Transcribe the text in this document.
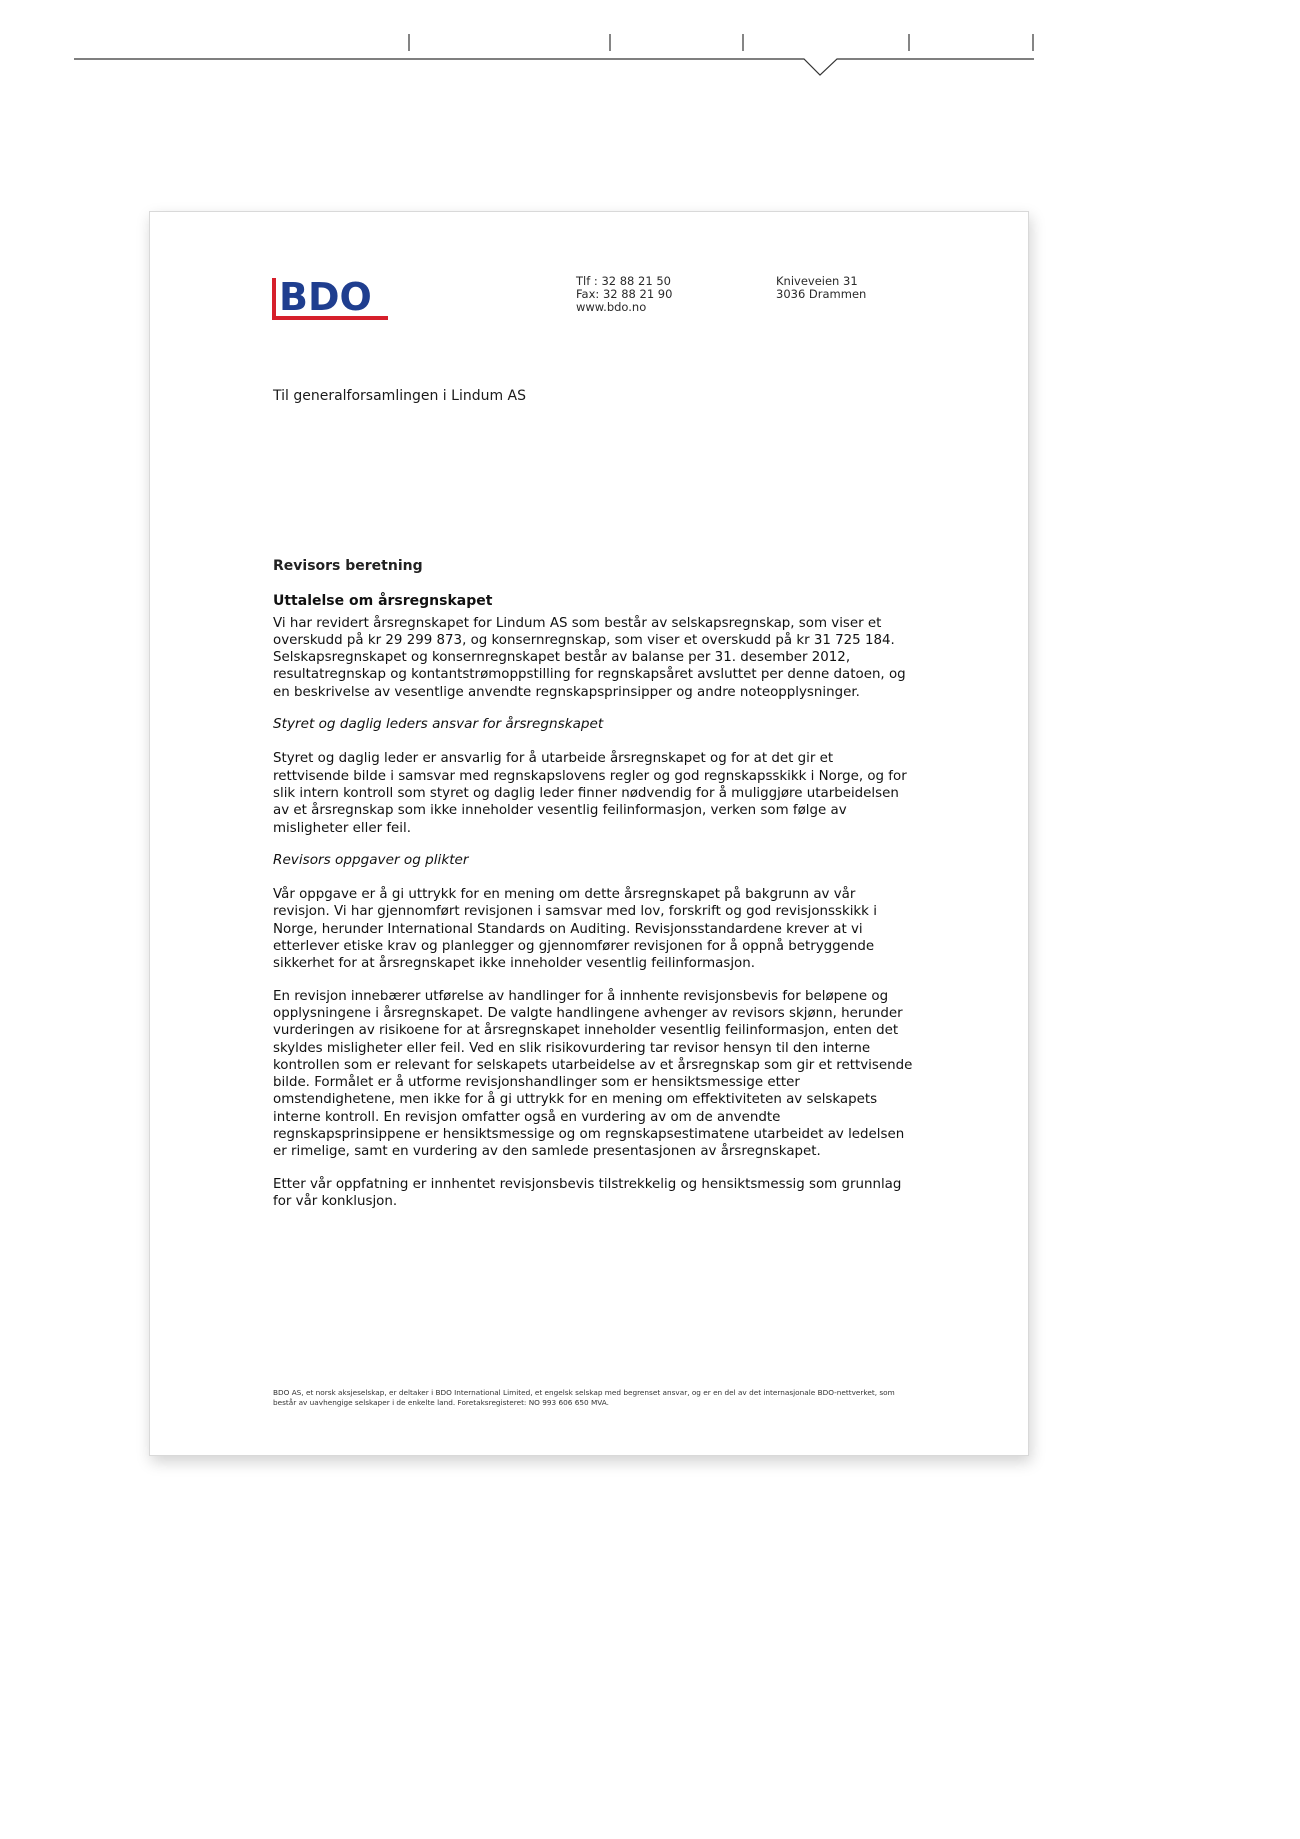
BDO	Tlf : 32 88 21 50
Fax: 32 88 21 90
www.bdo.no
Kniveveien 31
3036 Drammen
Til generalforsamlingen i Lindum AS
Revisors beretning
Uttalelse om årsregnskapet

Vi har revidert årsregnskapet for Lindum AS som består av selskapsregnskap, som viser et overskudd på kr 29 299 873, og konsernregnskap, som viser et overskudd på kr 31 725 184. Selskapsregnskapet og konsernregnskapet består av balanse per 31. desember 2012, resultatregnskap og kontantstrømoppstilling for regnskapsåret avsluttet per denne datoen, og en beskrivelse av vesentlige anvendte regnskapsprinsipper og andre noteopplysninger.

Styret og daglig leders ansvar for årsregnskapet

Styret og daglig leder er ansvarlig for å utarbeide årsregnskapet og for at det gir et rettvisende bilde i samsvar med regnskapslovens regler og god regnskapsskikk i Norge, og for slik intern kontroll som styret og daglig leder finner nødvendig for å muliggjøre utarbeidelsen av et årsregnskap som ikke inneholder vesentlig feilinformasjon, verken som følge av misligheter eller feil.

Revisors oppgaver og plikter

Vår oppgave er å gi uttrykk for en mening om dette årsregnskapet på bakgrunn av vår revisjon. Vi har gjennomført revisjonen i samsvar med lov, forskrift og god revisjonsskikk i Norge, herunder International Standards on Auditing. Revisjonsstandardene krever at vi etterlever etiske krav og planlegger og gjennomfører revisjonen for å oppnå betryggende sikkerhet for at årsregnskapet ikke inneholder vesentlig feilinformasjon.

En revisjon innebærer utførelse av handlinger for å innhente revisjonsbevis for beløpene og opplysningene i årsregnskapet. De valgte handlingene avhenger av revisors skjønn, herunder vurderingen av risikoene for at årsregnskapet inneholder vesentlig feilinformasjon, enten det skyldes misligheter eller feil. Ved en slik risikovurdering tar revisor hensyn til den interne kontrollen som er relevant for selskapets utarbeidelse av et årsregnskap som gir et rettvisende bilde. Formålet er å utforme revisjonshandlinger som er hensiktsmessige etter omstendighetene, men ikke for å gi uttrykk for en mening om effektiviteten av selskapets interne kontroll. En revisjon omfatter også en vurdering av om de anvendte regnskapsprinsippene er hensiktsmessige og om regnskapsestimatene utarbeidet av ledelsen er rimelige, samt en vurdering av den samlede presentasjonen av årsregnskapet.

Etter vår oppfatning er innhentet revisjonsbevis tilstrekkelig og hensiktsmessig som grunnlag for vår konklusjon.

BDO AS, et norsk aksjeselskap, er deltaker i BDO International Limited, et engelsk selskap med begrenset ansvar, og er en del av det internasjonale BDO-nettverket, som består av uavhengige selskaper i de enkelte land. Foretaksregisteret: NO 993 606 650 MVA.
